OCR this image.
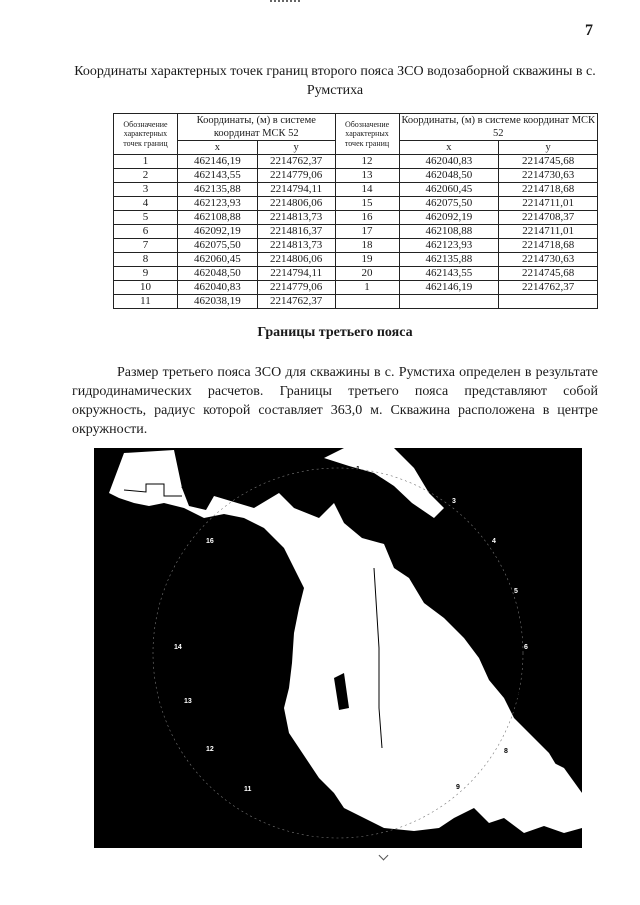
7
Координаты характерных точек границ второго пояса ЗСО водозаборной скважины в с. Румстиха
Обозначение характерных точек границ	Координаты, (м) в системе координат МСК 52		Обозначение характерных точек границ	Координаты, (м) в системе координат МСК 52	
	х	у		х	у
1	462146,19	2214762,37	12	462040,83	2214745,68
2	462143,55	2214779,06	13	462048,50	2214730,63
3	462135,88	2214794,11	14	462060,45	2214718,68
4	462123,93	2214806,06	15	462075,50	2214711,01
5	462108,88	2214813,73	16	462092,19	2214708,37
6	462092,19	2214816,37	17	462108,88	2214711,01
7	462075,50	2214813,73	18	462123,93	2214718,68
8	462060,45	2214806,06	19	462135,88	2214730,63
9	462048,50	2214794,11	20	462143,55	2214745,68
10	462040,83	2214779,06	1	462146,19	2214762,37
11	462038,19	2214762,37			
Границы третьего пояса
Размер третьего пояса ЗСО для скважины в с. Румстиха определен в результате гидродинамических расчетов. Границы третьего пояса представляют собой окружность, радиус которой составляет 363,0 м. Скважина расположена в центре окружности.
1
2
3
4
5
6
7
8
9
10
11
12
13
14
15
16
